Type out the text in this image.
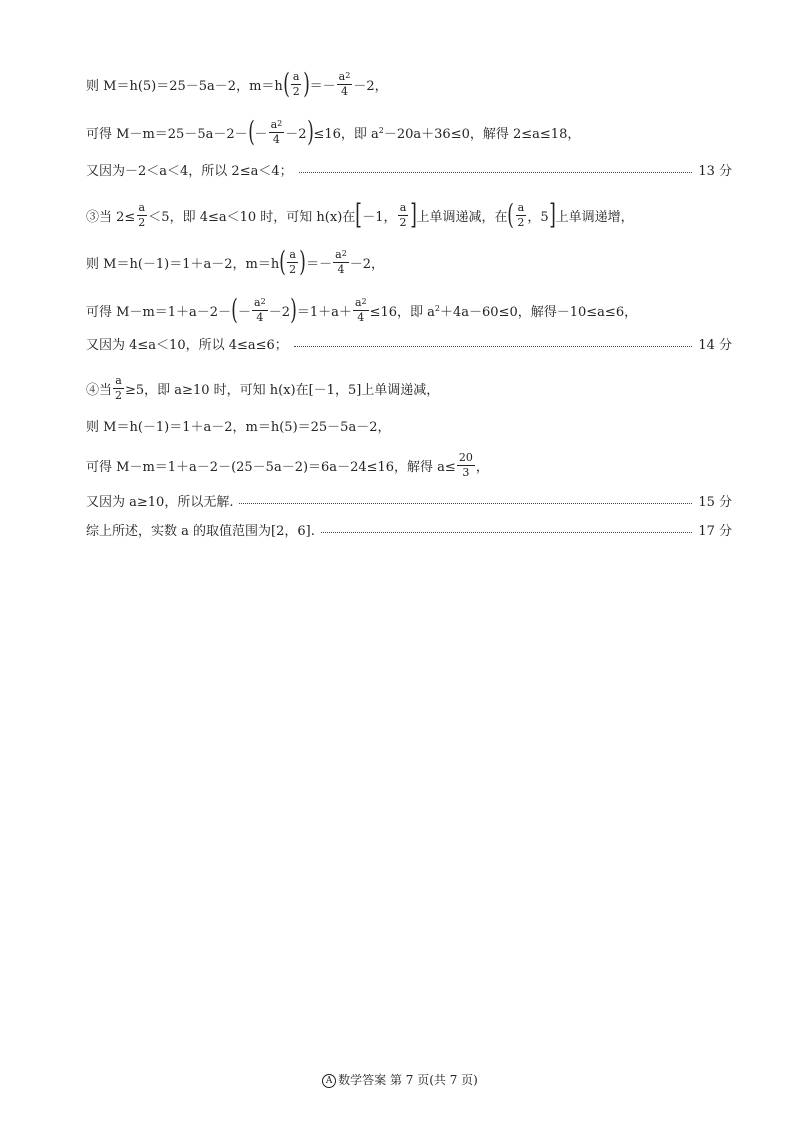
则 M＝h(5)＝25－5a－2，m＝h ( $\frac{a}{2}$ ) ＝－ $\frac{a2}{4} -2$，
可得 M－m＝25－5a－2－ ( － $\frac{a2}{4} -2$ ) ≤16，即 a 2 －20a＋36≤0，解得 2≤a≤18，
又因为－2＜a＜4，所以 2≤a＜4；	13 分
③当 $2\le \frac{a}{2} <5$，即 4≤a＜10 时，可知 h(x)在 [ －1， $\frac{a}{2}$ ] 上单调递减，在 ( $\frac{a}{2}$ ，5 ] 上单调递增，
则 M＝h(－1)＝1＋a－2，m＝h ( $\frac{a}{2}$ ) ＝－ $\frac{a2}{4} -2$，
可得 M－m＝1＋a－2－ ( － $\frac{a2}{4} -2$ ) $=1+a+ \frac{a2}{4} \le 16$，即 a 2 ＋4a－60≤0，解得－10≤a≤6，
又因为 4≤a＜10，所以 4≤a≤6；	14 分
④当 $\frac{a}{2} \ge 5$，即 a≥10 时，可知 h(x)在[－1，5]上单调递减，
则 M＝h(－1)＝1＋a－2，m＝h(5)＝25－5a－2，
可得 M－m＝1＋a－2－(25－5a－2)＝6a－24≤16，解得 $a\le \frac{20}{3}$ ，
又因为 a≥10，所以无解.	15 分
综上所述，实数 a 的取值范围为[2，6].	17 分
A 数学答案 第 7 页(共 7 页)
